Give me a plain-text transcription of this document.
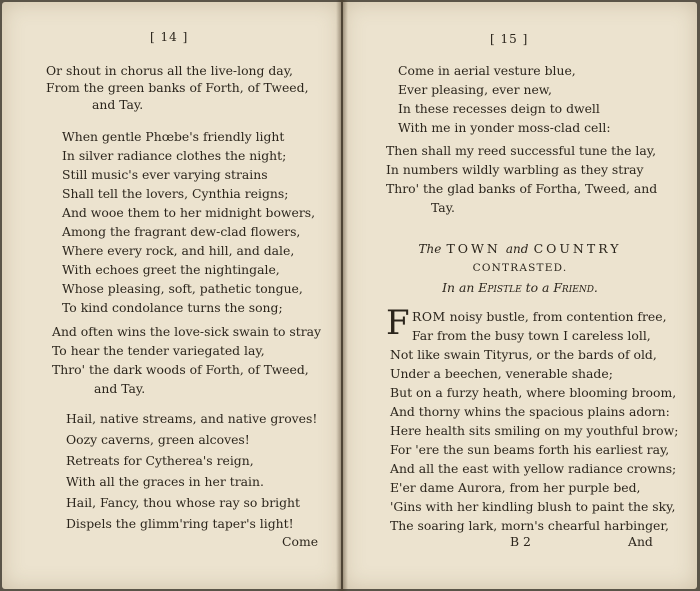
[ 14 ]
Or shout in chorus all the live-long day,
From the green banks of Forth, of Tweed,
and Tay.
When gentle Phœbe's friendly light
In silver radiance clothes the night;
Still music's ever varying strains
Shall tell the lovers, Cynthia reigns;
And wooe them to her midnight bowers,
Among the fragrant dew-clad flowers,
Where every rock, and hill, and dale,
With echoes greet the nightingale,
Whose pleasing, soft, pathetic tongue,
To kind condolance turns the song;
And often wins the love-sick swain to stray
To hear the tender variegated lay,
Thro' the dark woods of Forth, of Tweed,
and Tay.
Hail, native streams, and native groves!
Oozy caverns, green alcoves!
Retreats for Cytherea's reign,
With all the graces in her train.
Hail, Fancy, thou whose ray so bright
Dispels the glimm'ring taper's light!
Come
[ 15 ]
Come in aerial vesture blue,
Ever pleasing, ever new,
In these recesses deign to dwell
With me in yonder moss-clad cell:
Then shall my reed successful tune the lay,
In numbers wildly warbling as they stray
Thro' the glad banks of Fortha, Tweed, and
Tay.
The TOWN and COUNTRY
CONTRASTED.
In an Epistle to a Friend.
F ROM noisy bustle, from contention free,
Far from the busy town I careless loll,
Not like swain Tityrus, or the bards of old,
Under a beechen, venerable shade;
But on a furzy heath, where blooming broom,
And thorny whins the spacious plains adorn:
Here health sits smiling on my youthful brow;
For 'ere the sun beams forth his earliest ray,
And all the east with yellow radiance crowns;
E'er dame Aurora, from her purple bed,
'Gins with her kindling blush to paint the sky,
The soaring lark, morn's chearful harbinger,
B 2	And
